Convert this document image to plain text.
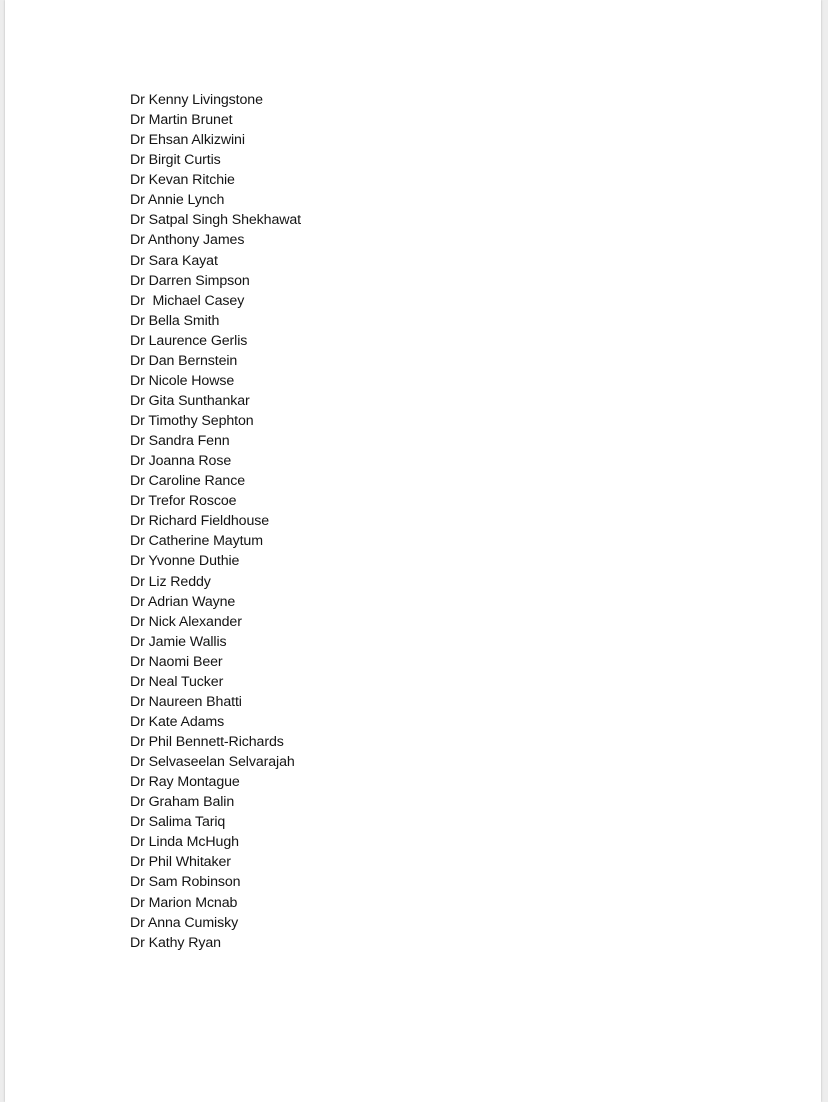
Dr Kenny Livingstone
Dr Martin Brunet
Dr Ehsan Alkizwini
Dr Birgit Curtis
Dr Kevan Ritchie
Dr Annie Lynch
Dr Satpal Singh Shekhawat
Dr Anthony James
Dr Sara Kayat
Dr Darren Simpson
Dr  Michael Casey
Dr Bella Smith
Dr Laurence Gerlis
Dr Dan Bernstein
Dr Nicole Howse
Dr Gita Sunthankar
Dr Timothy Sephton
Dr Sandra Fenn
Dr Joanna Rose
Dr Caroline Rance
Dr Trefor Roscoe
Dr Richard Fieldhouse
Dr Catherine Maytum
Dr Yvonne Duthie
Dr Liz Reddy
Dr Adrian Wayne
Dr Nick Alexander
Dr Jamie Wallis
Dr Naomi Beer
Dr Neal Tucker
Dr Naureen Bhatti
Dr Kate Adams
Dr Phil Bennett-Richards
Dr Selvaseelan Selvarajah
Dr Ray Montague
Dr Graham Balin
Dr Salima Tariq
Dr Linda McHugh
Dr Phil Whitaker
Dr Sam Robinson
Dr Marion Mcnab
Dr Anna Cumisky
Dr Kathy Ryan
